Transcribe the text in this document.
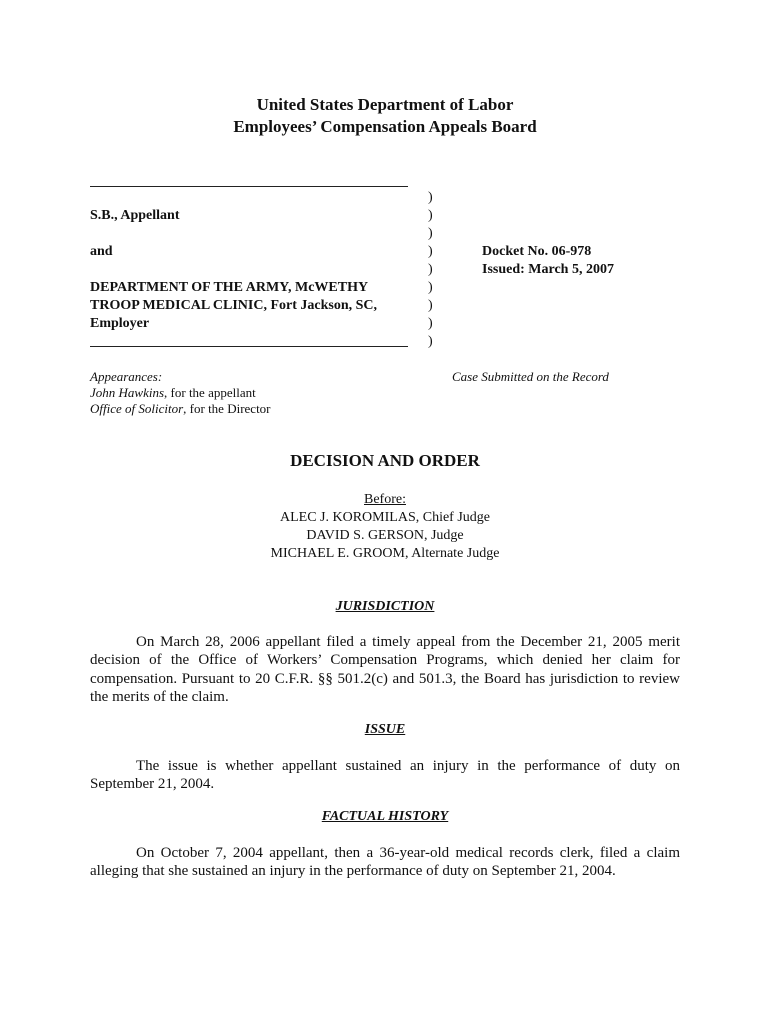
United States Department of Labor
Employees’ Compensation Appeals Board
S.B., Appellant
and
DEPARTMENT OF THE ARMY, McWETHY
TROOP MEDICAL CLINIC, Fort Jackson, SC,
Employer
)
)
)
)
)
)
)
)
)
Docket No. 06-978
Issued: March 5, 2007
Appearances:
John Hawkins, for the appellant
Office of Solicitor, for the Director
Case Submitted on the Record
DECISION AND ORDER
Before:
ALEC J. KOROMILAS, Chief Judge
DAVID S. GERSON, Judge
MICHAEL E. GROOM, Alternate Judge
JURISDICTION
On March 28, 2006 appellant filed a timely appeal from the December 21, 2005 merit decision of the Office of Workers’ Compensation Programs, which denied her claim for compensation. Pursuant to 20 C.F.R. §§ 501.2(c) and 501.3, the Board has jurisdiction to review the merits of the claim.
ISSUE
The issue is whether appellant sustained an injury in the performance of duty on September 21, 2004.
FACTUAL HISTORY
On October 7, 2004 appellant, then a 36-year-old medical records clerk, filed a claim alleging that she sustained an injury in the performance of duty on September 21, 2004.
